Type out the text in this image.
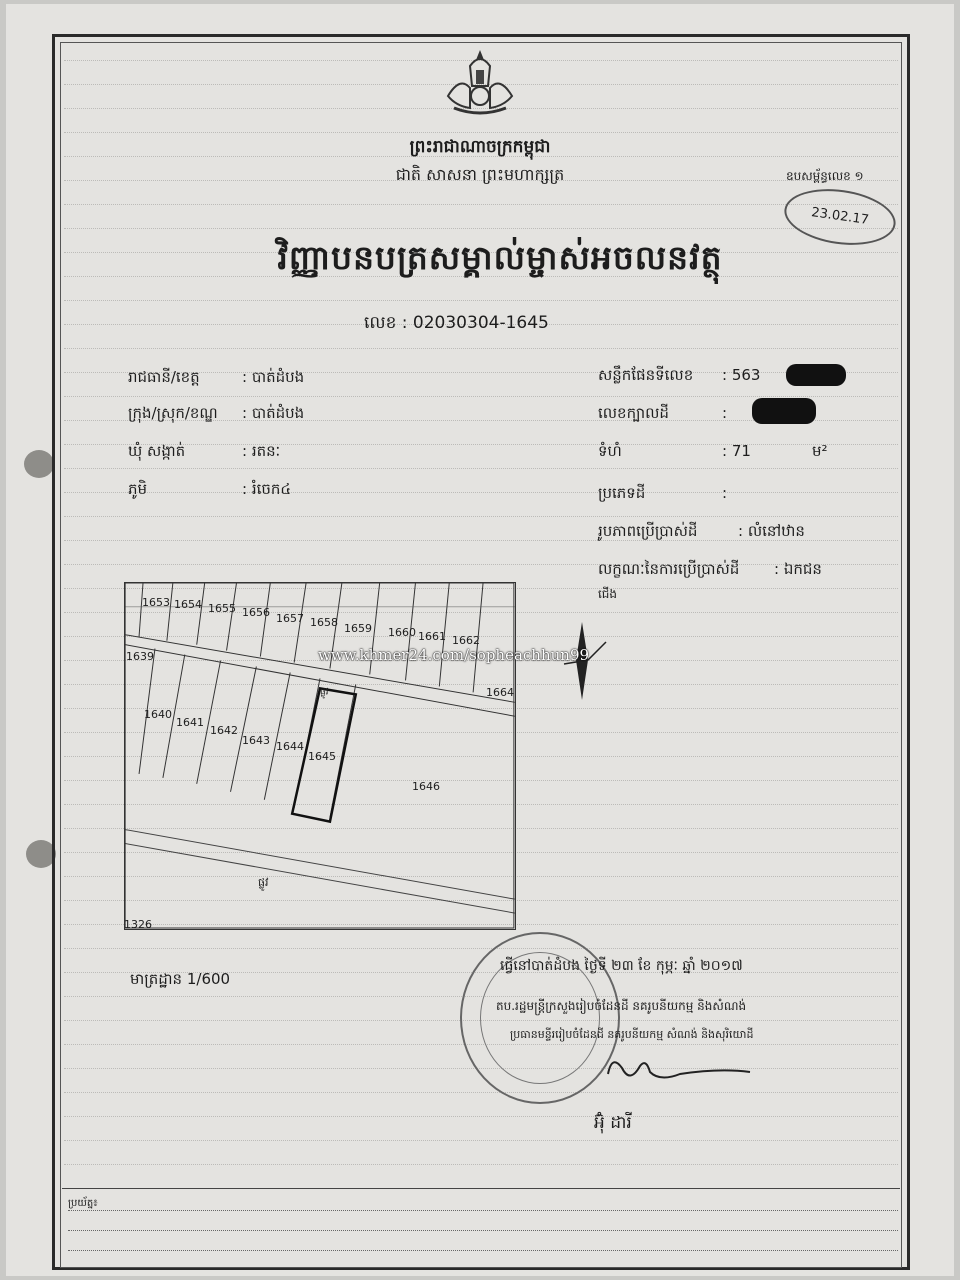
ព្រះរាជាណាចក្រកម្ពុជា
ជាតិ សាសនា ព្រះមហាក្សត្រ	ឧបសម្ព័ន្ធលេខ ១
23.02.17
វិញ្ញាបនបត្រសម្គាល់ម្ចាស់អចលនវត្ថុ
លេខ : 02030304-1645
រាជធានី/ខេត្ត	: បាត់ដំបង
ក្រុង/ស្រុក/ខណ្ឌ : បាត់ដំបង
ឃុំ សង្កាត់	: រតនៈ
ភូមិ	: រំចេក៤
សន្លឹកផែនទីលេខ : 563
លេខក្បាលដី	:
ទំហំ	: 71	ម²
ប្រភេទដី	:
រូបភាពប្រើប្រាស់ដី	: លំនៅឋាន
លក្ខណៈនៃការប្រើប្រាស់ដី : ឯកជន
ផ្លូវ
1653 1654 1655 1656 1657 1658 1659 1660 1661 1662
1664
1639
1640
1641
1642
1643 1644
1645
1646
ផ្លូវ
1326
ជើង
www.khmer24.com/sopheachhun99
មាត្រដ្ឋាន 1/600
ធ្វើនៅបាត់ដំបង ថ្ងៃទី ២៣ ខែ កុម្ភៈ ឆ្នាំ ២០១៧
តប.រដ្ឋមន្ត្រីក្រសួងរៀបចំដែនដី នគរូបនីយកម្ម និងសំណង់
ប្រធានមន្ទីររៀបចំដែនដី នគរូបនីយកម្ម សំណង់ និងសុរិយោដី
អ៊ុំ ដារី
ប្រយ័ត្ន៖
